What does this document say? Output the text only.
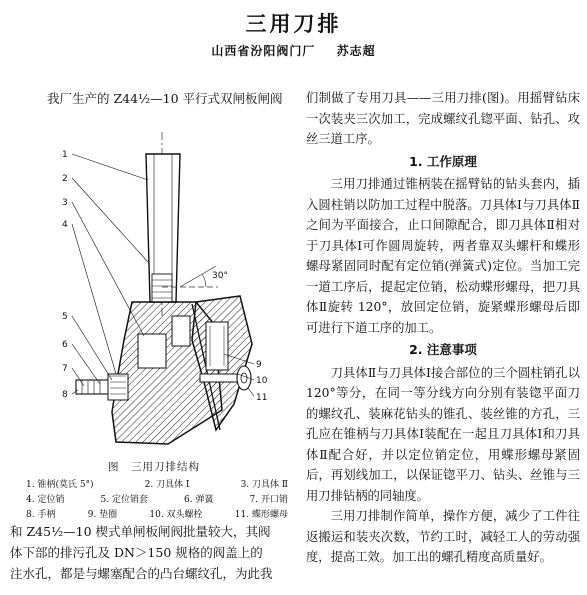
三用刀排
山西省汾阳阀门厂 苏志超
我厂生产的 Z44½—10 平行式双闸板闸阀
30°
1
2
3
4
5
6
7
8
9
10
11
图　三用刀排结构
1. 锥柄(莫氏 5°)	2. 刀具体 Ⅰ	3. 刀具体 Ⅱ
4. 定位销	5. 定位销套	6. 弹簧	7. 开口销
8. 手柄	9. 垫圈	10. 双头螺栓	11. 蝶形螺母
和 Z45½—10 楔式单闸板闸阀批量较大，其阀
体下部的排污孔及 DN＞150 规格的阀盖上的
注水孔，都是与螺塞配合的凸台螺纹孔，为此我

们制做了专用刀具——三用刀排(图)。用摇臂钻床一次装夹三次加工，完成螺纹孔锪平面、钻孔、攻丝三道工序。

1. 工作原理

三用刀排通过锥柄装在摇臂钻的钻头套内，插入圆柱销以防加工过程中脱落。刀具体Ⅰ与刀具体Ⅱ之间为平面接合，止口间隙配合，即刀具体Ⅱ相对于刀具体Ⅰ可作圆周旋转，两者靠双头螺杆和蝶形螺母紧固同时配有定位销(弹簧式)定位。当加工完一道工序后，提起定位销，松动蝶形螺母，把刀具体Ⅱ旋转 120°，放回定位销，旋紧蝶形螺母后即可进行下道工序的加工。

2. 注意事项

刀具体Ⅱ与刀具体Ⅰ接合部位的三个圆柱销孔以 120°等分，在同一等分线方向分别有装锪平面刀的螺纹孔、装麻花钻头的锥孔、装丝锥的方孔，三孔应在锥柄与刀具体Ⅰ装配在一起且刀具体Ⅰ和刀具体Ⅱ配合好，并以定位销定位，用蝶形螺母紧固后，再划线加工，以保证锪平刀、钻头、丝锥与三用刀排钻柄的同轴度。

三用刀排制作简单，操作方便，减少了工件往返搬运和装夹次数，节约工时，减轻工人的劳动强度，提高工效。加工出的螺孔精度高质量好。
